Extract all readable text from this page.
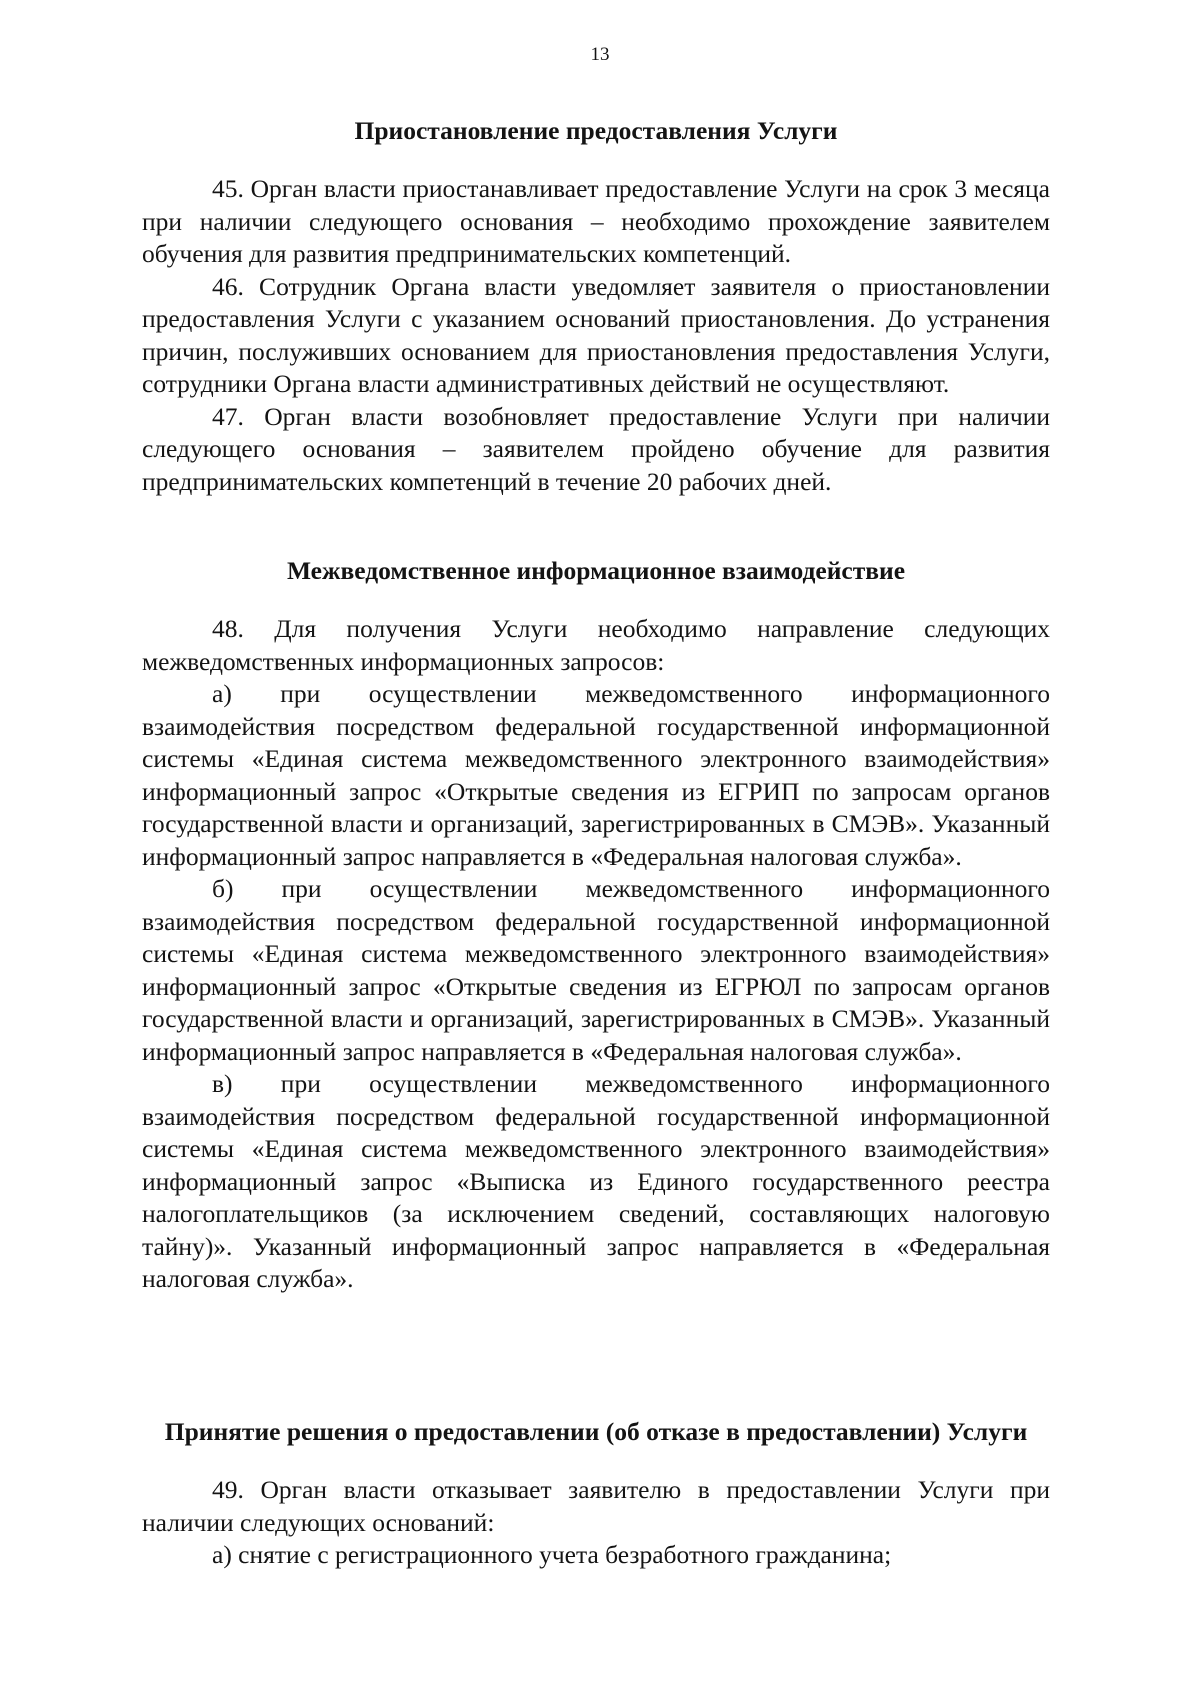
13
Приостановление предоставления Услуги

45. Орган власти приостанавливает предоставление Услуги на срок 3 месяца при наличии следующего основания – необходимо прохождение заявителем обучения для развития предпринимательских компетенций.

46. Сотрудник Органа власти уведомляет заявителя о приостановлении предоставления Услуги с указанием оснований приостановления. До устранения причин, послуживших основанием для приостановления предоставления Услуги, сотрудники Органа власти административных действий не осуществляют.

47. Орган власти возобновляет предоставление Услуги при наличии следующего основания – заявителем пройдено обучение для развития предпринимательских компетенций в течение 20 рабочих дней.

Межведомственное информационное взаимодействие

48. Для получения Услуги необходимо направление следующих межведомственных информационных запросов:

а) при осуществлении межведомственного информационного взаимодействия посредством федеральной государственной информационной системы «Единая система межведомственного электронного взаимодействия» информационный запрос «Открытые сведения из ЕГРИП по запросам органов государственной власти и организаций, зарегистрированных в СМЭВ». Указанный информационный запрос направляется в «Федеральная налоговая служба».

б) при осуществлении межведомственного информационного взаимодействия посредством федеральной государственной информационной системы «Единая система межведомственного электронного взаимодействия» информационный запрос «Открытые сведения из ЕГРЮЛ по запросам органов государственной власти и организаций, зарегистрированных в СМЭВ». Указанный информационный запрос направляется в «Федеральная налоговая служба».

в) при осуществлении межведомственного информационного взаимодействия посредством федеральной государственной информационной системы «Единая система межведомственного электронного взаимодействия» информационный запрос «Выписка из Единого государственного реестра налогоплательщиков (за исключением сведений, составляющих налоговую тайну)». Указанный информационный запрос направляется в «Федеральная налоговая служба».

Принятие решения о предоставлении (об отказе в предоставлении) Услуги

49. Орган власти отказывает заявителю в предоставлении Услуги при наличии следующих оснований:

а) снятие с регистрационного учета безработного гражданина;
